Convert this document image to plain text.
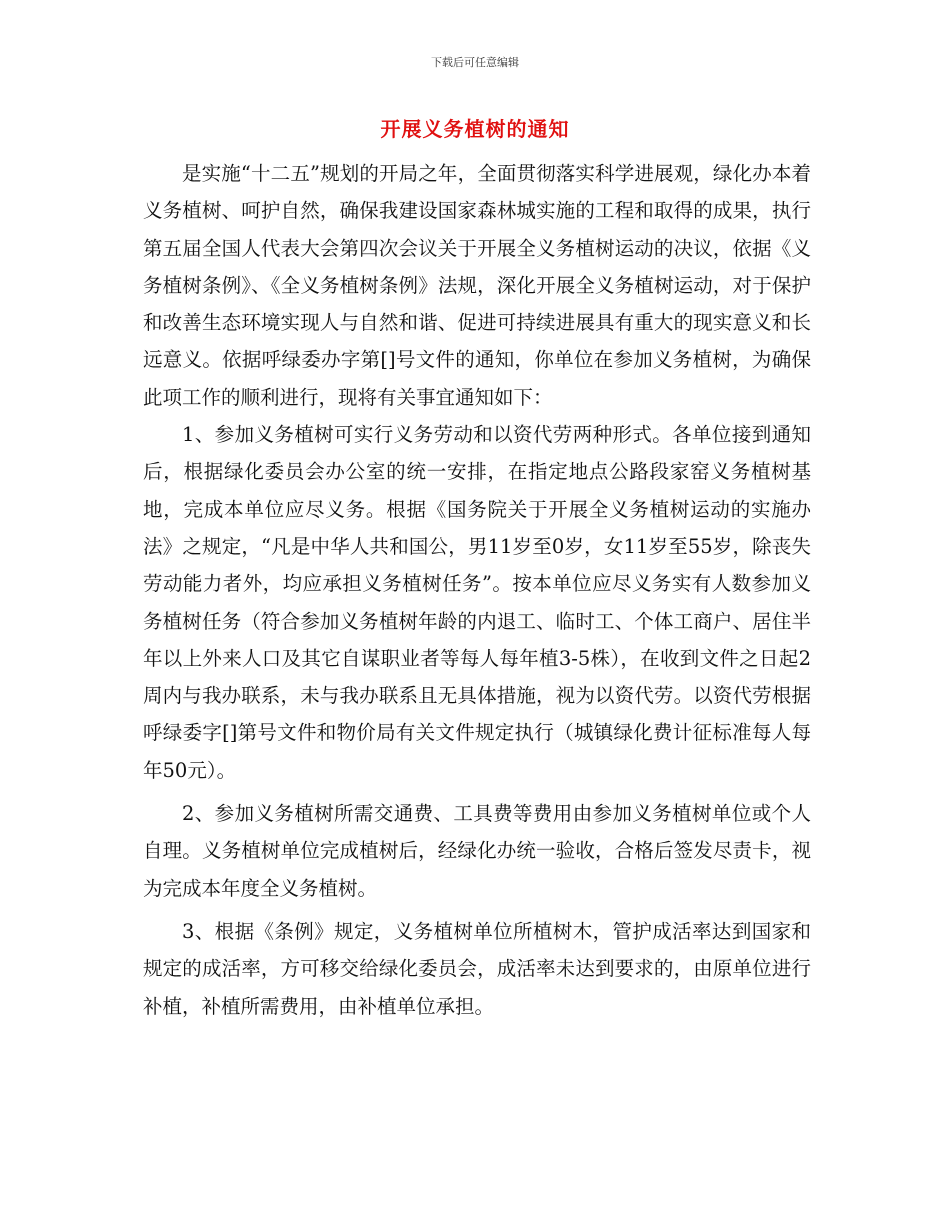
下载后可任意编辑
开展义务植树的通知

是实施“十二五”规划的开局之年，全面贯彻落实科学进展观，绿化办本着义务植树、呵护自然，确保我建设国家森林城实施的工程和取得的成果，执行第五届全国人代表大会第四次会议关于开展全义务植树运动的决议，依据《义务植树条例》、《全义务植树条例》法规，深化开展全义务植树运动，对于保护和改善生态环境实现人与自然和谐、促进可持续进展具有重大的现实意义和长远意义。依据呼绿委办字第[]号文件的通知，你单位在参加义务植树，为确保此项工作的顺利进行，现将有关事宜通知如下：

1、参加义务植树可实行义务劳动和以资代劳两种形式。各单位接到通知后，根据绿化委员会办公室的统一安排，在指定地点公路段家窑义务植树基地，完成本单位应尽义务。根据《国务院关于开展全义务植树运动的实施办法》之规定，“凡是中华人共和国公，男11岁至0岁，女11岁至55岁，除丧失劳动能力者外，均应承担义务植树任务”。按本单位应尽义务实有人数参加义务植树任务（符合参加义务植树年龄的内退工、临时工、个体工商户、居住半年以上外来人口及其它自谋职业者等每人每年植3-5株），在收到文件之日起2周内与我办联系，未与我办联系且无具体措施，视为以资代劳。以资代劳根据呼绿委字[]第号文件和物价局有关文件规定执行（城镇绿化费计征标准每人每年50元）。

2、参加义务植树所需交通费、工具费等费用由参加义务植树单位或个人自理。义务植树单位完成植树后，经绿化办统一验收，合格后签发尽责卡，视为完成本年度全义务植树。

3、根据《条例》规定，义务植树单位所植树木，管护成活率达到国家和规定的成活率，方可移交给绿化委员会，成活率未达到要求的，由原单位进行补植，补植所需费用，由补植单位承担。
